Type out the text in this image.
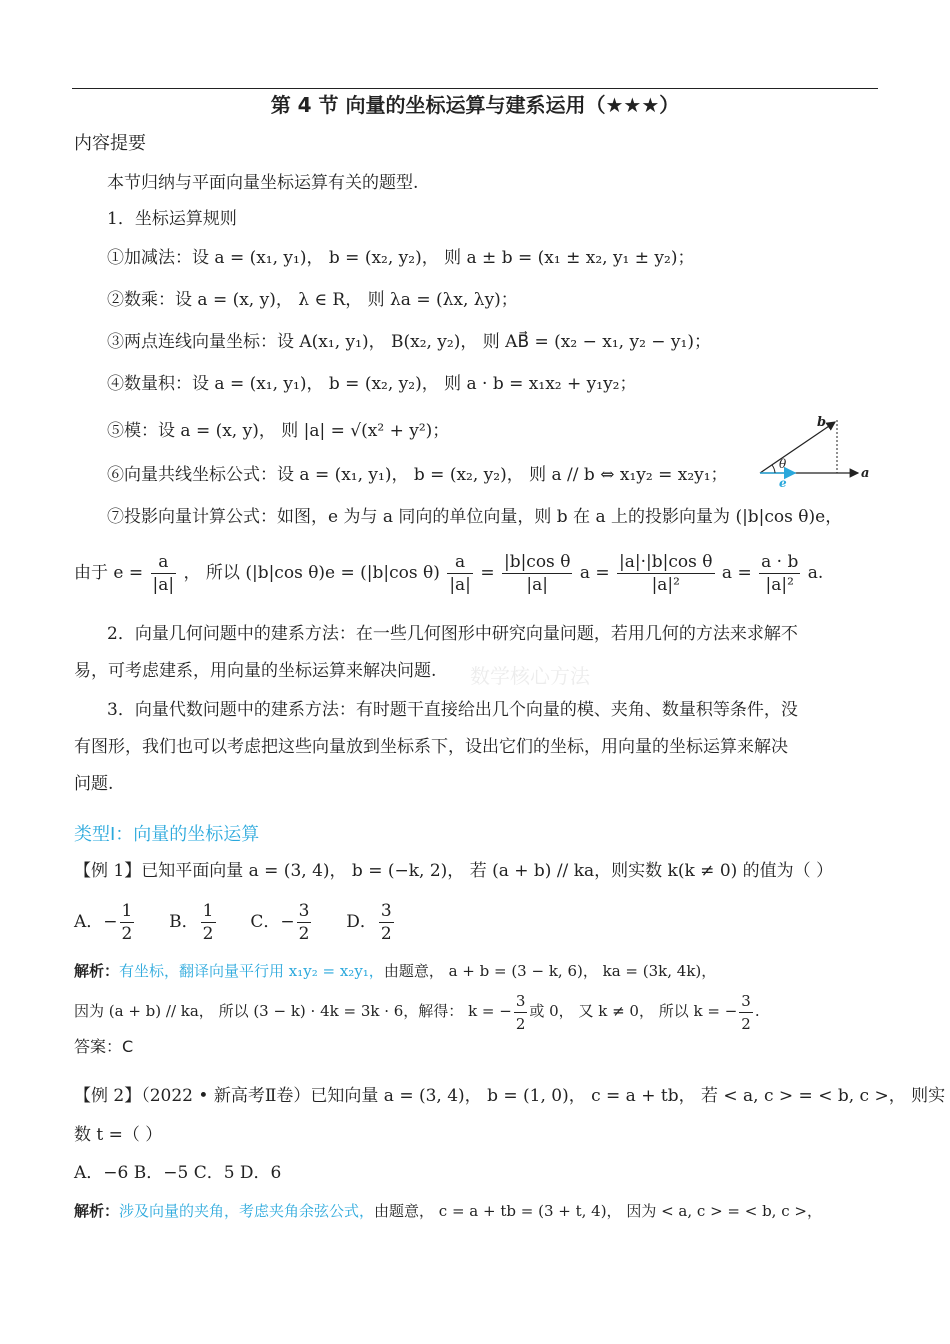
第 4 节 向量的坐标运算与建系运用（★★★）
内容提要
本节归纳与平面向量坐标运算有关的题型.
1．坐标运算规则
①加减法：设 a = (x₁, y₁)， b = (x₂, y₂)， 则 a ± b = (x₁ ± x₂, y₁ ± y₂)；
②数乘：设 a = (x, y)， λ ∈ R， 则 λa = (λx, λy)；
③两点连线向量坐标：设 A(x₁, y₁)， B(x₂, y₂)， 则 AB⃗ = (x₂ − x₁, y₂ − y₁)；
④数量积：设 a = (x₁, y₁)， b = (x₂, y₂)， 则 a · b = x₁x₂ + y₁y₂；
⑤模：设 a = (x, y)， 则 |a| = √(x² + y²)；
⑥向量共线坐标公式：设 a = (x₁, y₁)， b = (x₂, y₂)， 则 a // b ⇔ x₁y₂ = x₂y₁；
b
θ
e
a
⑦投影向量计算公式：如图，e 为与 a 同向的单位向量，则 b 在 a 上的投影向量为 (|b|cos θ)e，
由于 $e = \frac{a}{|a|}$ ， 所以 (|b|cos θ)e = (|b|cos $\theta) \frac{a}{|a|} = \frac{\text{|b|cos θ}}{|a|}$ $a = \frac{\text{|a|·|b|cos θ}}{\text{|a|²}}$ $a = \frac{a \cdot b}{\text{|a|²}} a$.
2．向量几何问题中的建系方法：在一些几何图形中研究向量问题，若用几何的方法来求解不
易，可考虑建系，用向量的坐标运算来解决问题. 数学核心方法
3．向量代数问题中的建系方法：有时题干直接给出几个向量的模、夹角、数量积等条件，没
有图形，我们也可以考虑把这些向量放到坐标系下，设出它们的坐标，用向量的坐标运算来解决
问题.
类型Ⅰ：向量的坐标运算
【例 1】已知平面向量 a = (3, 4)， b = (−k, 2)， 若 (a + b) // ka，则实数 k(k ≠ 0) 的值为（ ）
A．− $\frac{1}{2}$ B． $\frac{1}{2}$ C．− $\frac{3}{2}$ D． $\frac{3}{2}$
解析：有坐标，翻译向量平行用 x₁y₂ = x₂y₁，由题意， a + b = (3 − k, 6)， ka = (3k, 4k)，
因为 (a + b) // ka， 所以 (3 − k) · 4k = 3k · 6，解得： k = − $\frac{3}{2}$ 或 0， 又 k ≠ 0， 所以 k = − $\frac{3}{2}$ .
答案：C
【例 2】（2022 • 新高考Ⅱ卷）已知向量 a = (3, 4)， b = (1, 0)， c = a + tb， 若 < a, c > = < b, c >， 则实
数 t =（ ）
A．−6 B．−5 C．5 D．6
解析：涉及向量的夹角，考虑夹角余弦公式，由题意， c = a + tb = (3 + t, 4)， 因为 < a, c > = < b, c >，
